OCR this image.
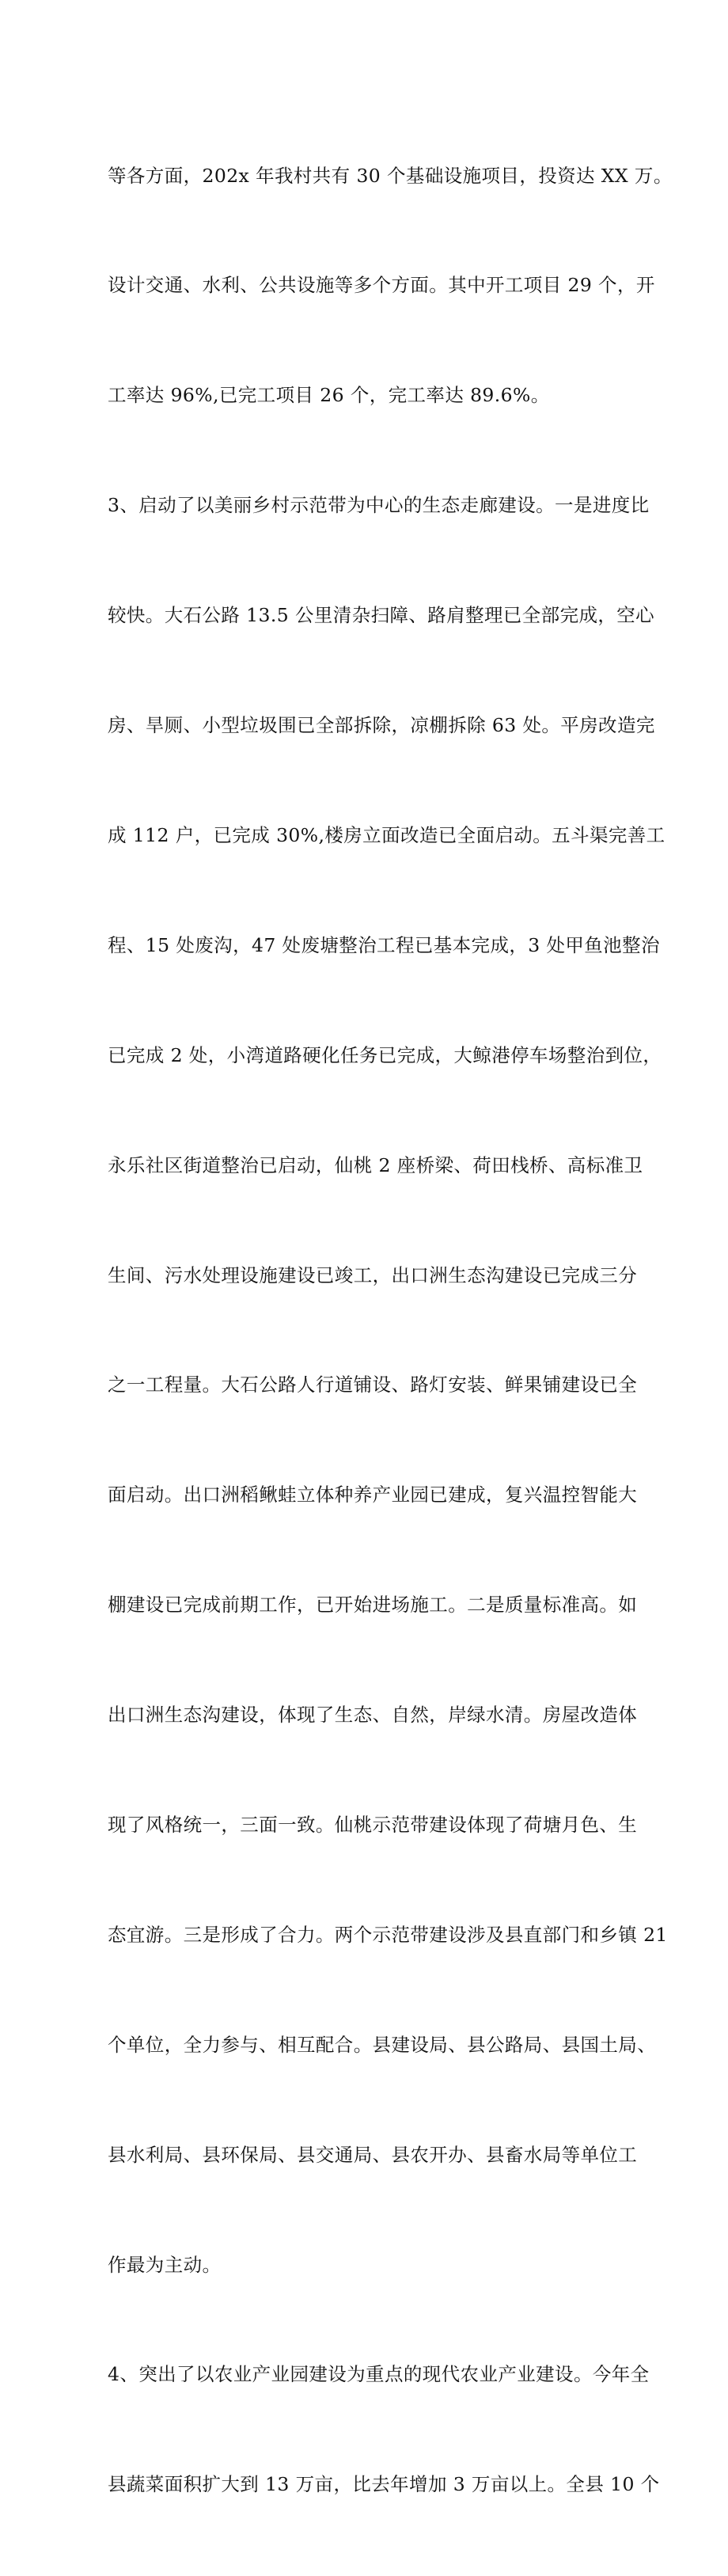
等各方面，202x 年我村共有 30 个基础设施项目，投资达 XX 万。

设计交通、水利、公共设施等多个方面。其中开工项目 29 个，开

工率达 96%,已完工项目 26 个，完工率达 89.6%。

3、启动了以美丽乡村示范带为中心的生态走廊建设。一是进度比

较快。大石公路 13.5 公里清杂扫障、路肩整理已全部完成，空心

房、旱厕、小型垃圾围已全部拆除，凉棚拆除 63 处。平房改造完

成 112 户，已完成 30%,楼房立面改造已全面启动。五斗渠完善工

程、15 处废沟，47 处废塘整治工程已基本完成，3 处甲鱼池整治

已完成 2 处，小湾道路硬化任务已完成，大鲸港停车场整治到位，

永乐社区街道整治已启动，仙桃 2 座桥梁、荷田栈桥、高标准卫

生间、污水处理设施建设已竣工，出口洲生态沟建设已完成三分

之一工程量。大石公路人行道铺设、路灯安装、鲜果铺建设已全

面启动。出口洲稻鳅蛙立体种养产业园已建成，复兴温控智能大

棚建设已完成前期工作，已开始进场施工。二是质量标准高。如

出口洲生态沟建设，体现了生态、自然，岸绿水清。房屋改造体

现了风格统一，三面一致。仙桃示范带建设体现了荷塘月色、生

态宜游。三是形成了合力。两个示范带建设涉及县直部门和乡镇 21

个单位，全力参与、相互配合。县建设局、县公路局、县国土局、

县水利局、县环保局、县交通局、县农开办、县畜水局等单位工

作最为主动。

4、突出了以农业产业园建设为重点的现代农业产业建设。今年全

县蔬菜面积扩大到 13 万亩，比去年增加 3 万亩以上。全县 10 个
